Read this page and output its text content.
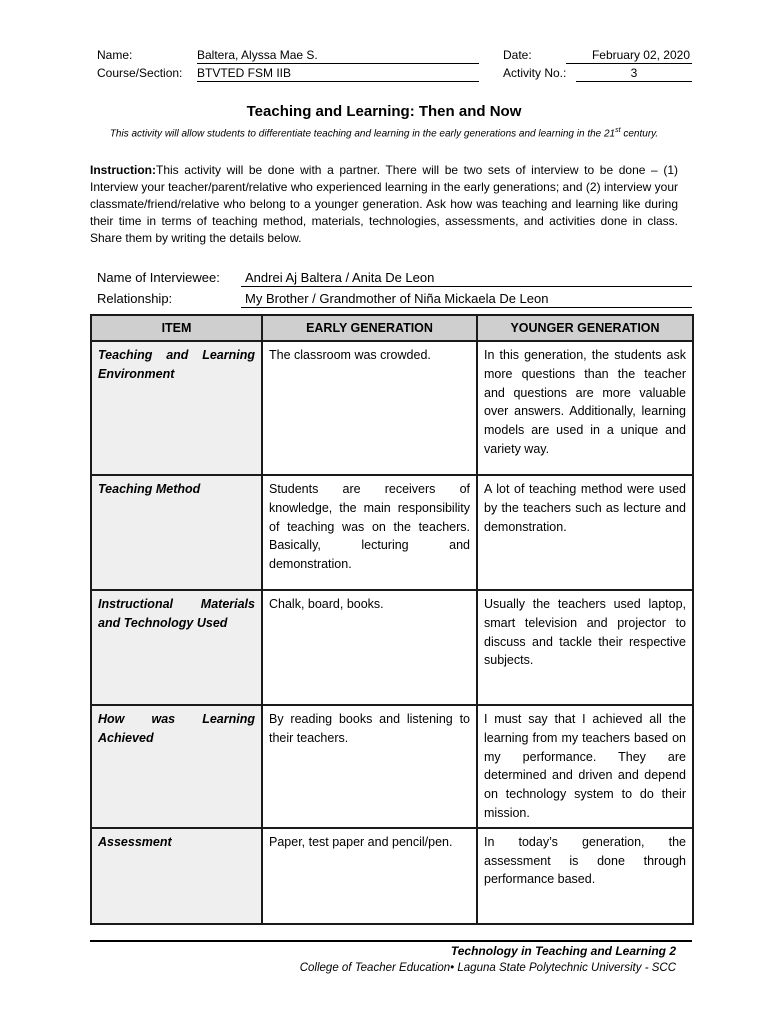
Name:	Baltera, Alyssa Mae S.
Course/Section: BTVTED FSM IIB
Date:	February 02, 2020
Activity No.:	3
Teaching and Learning: Then and Now
This activity will allow students to differentiate teaching and learning in the early generations and learning in the 21st century.
Instruction:This activity will be done with a partner. There will be two sets of interview to be done – (1) Interview your teacher/parent/relative who experienced learning in the early generations; and (2) interview your classmate/friend/relative who belong to a younger generation. Ask how was teaching and learning like during their time in terms of teaching method, materials, technologies, assessments, and activities done in class. Share them by writing the details below.
Name of Interviewee:	Andrei Aj Baltera / Anita De Leon
Relationship:	My Brother / Grandmother of Niña Mickaela De Leon
ITEM	EARLY GENERATION	YOUNGER GENERATION
Teaching and Learning Environment	The classroom was crowded.	In this generation, the students ask more questions than the teacher and questions are more valuable over answers. Additionally, learning models are used in a unique and variety way.
Teaching Method	Students are receivers of knowledge, the main responsibility of teaching was on the teachers. Basically, lecturing and demonstration.	A lot of teaching method were used by the teachers such as lecture and demonstration.
Instructional Materials and Technology Used	Chalk, board, books.	Usually the teachers used laptop, smart television and projector to discuss and tackle their respective subjects.
How was Learning Achieved	By reading books and listening to their teachers.	I must say that I achieved all the learning from my teachers based on my performance. They are determined and driven and depend on technology system to do their mission.
Assessment	Paper, test paper and pencil/pen.	In today’s generation, the assessment is done through performance based.
Technology in Teaching and Learning 2
College of Teacher Education• Laguna State Polytechnic University - SCC
